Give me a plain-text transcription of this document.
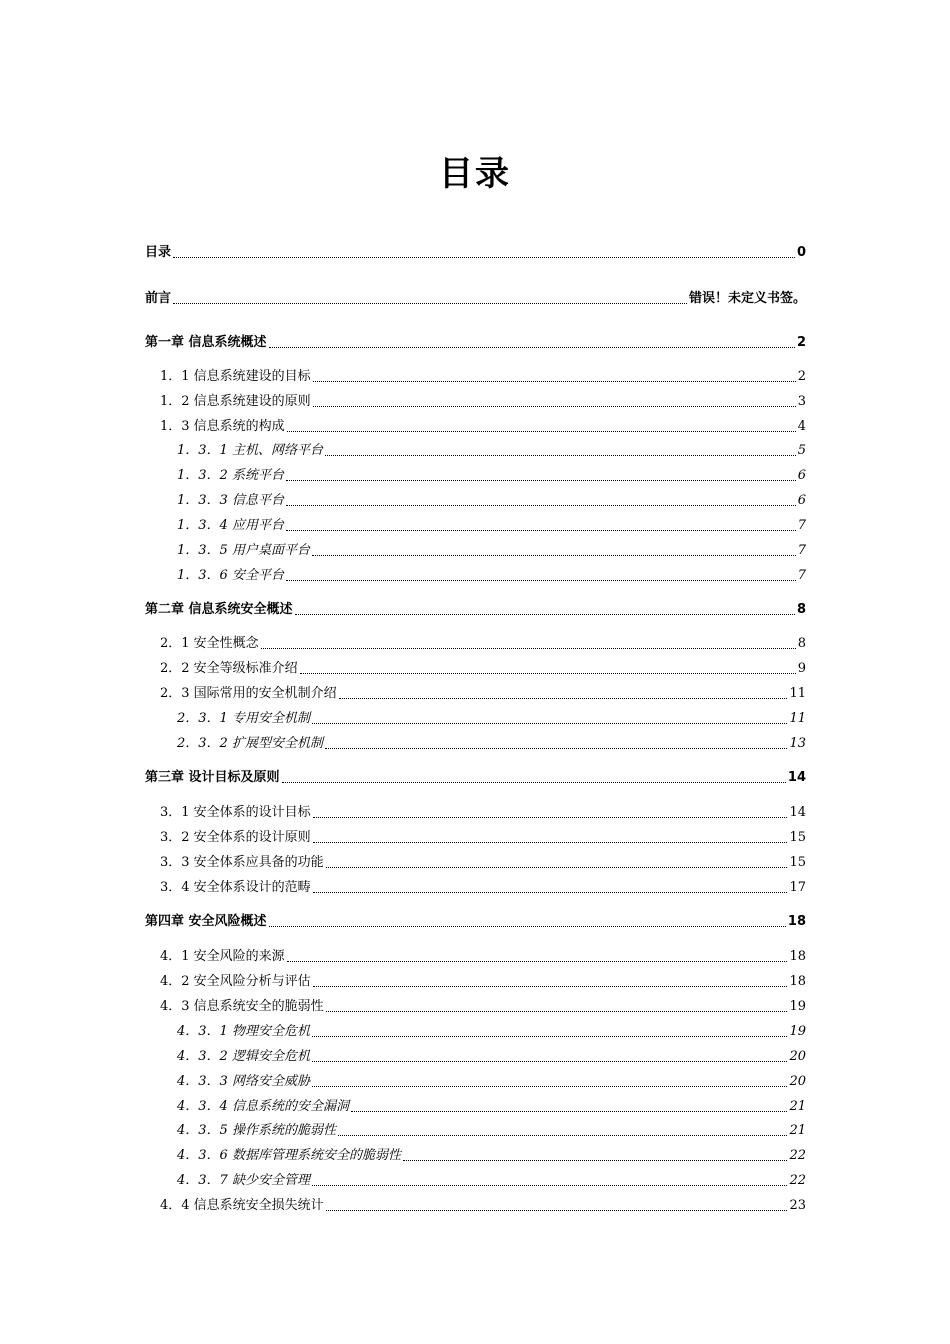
目录
目录	0
前言	错误！未定义书签。
第一章 信息系统概述	2
1．1 信息系统建设的目标	2
1．2 信息系统建设的原则	3
1．3 信息系统的构成	4
1．3．1 主机、网络平台	5
1．3．2 系统平台	6
1．3．3 信息平台	6
1．3．4 应用平台	7
1．3．5 用户桌面平台	7
1．3．6 安全平台	7
第二章 信息系统安全概述	8
2．1 安全性概念	8
2．2 安全等级标准介绍	9
2．3 国际常用的安全机制介绍	11
2．3．1 专用安全机制	11
2．3．2 扩展型安全机制	13
第三章 设计目标及原则	14
3．1 安全体系的设计目标	14
3．2 安全体系的设计原则	15
3．3 安全体系应具备的功能	15
3．4 安全体系设计的范畴	17
第四章 安全风险概述	18
4．1 安全风险的来源	18
4．2 安全风险分析与评估	18
4．3 信息系统安全的脆弱性	19
4．3．1 物理安全危机	19
4．3．2 逻辑安全危机	20
4．3．3 网络安全威胁	20
4．3．4 信息系统的安全漏洞	21
4．3．5 操作系统的脆弱性	21
4．3．6 数据库管理系统安全的脆弱性	22
4．3．7 缺少安全管理	22
4．4 信息系统安全损失统计	23
